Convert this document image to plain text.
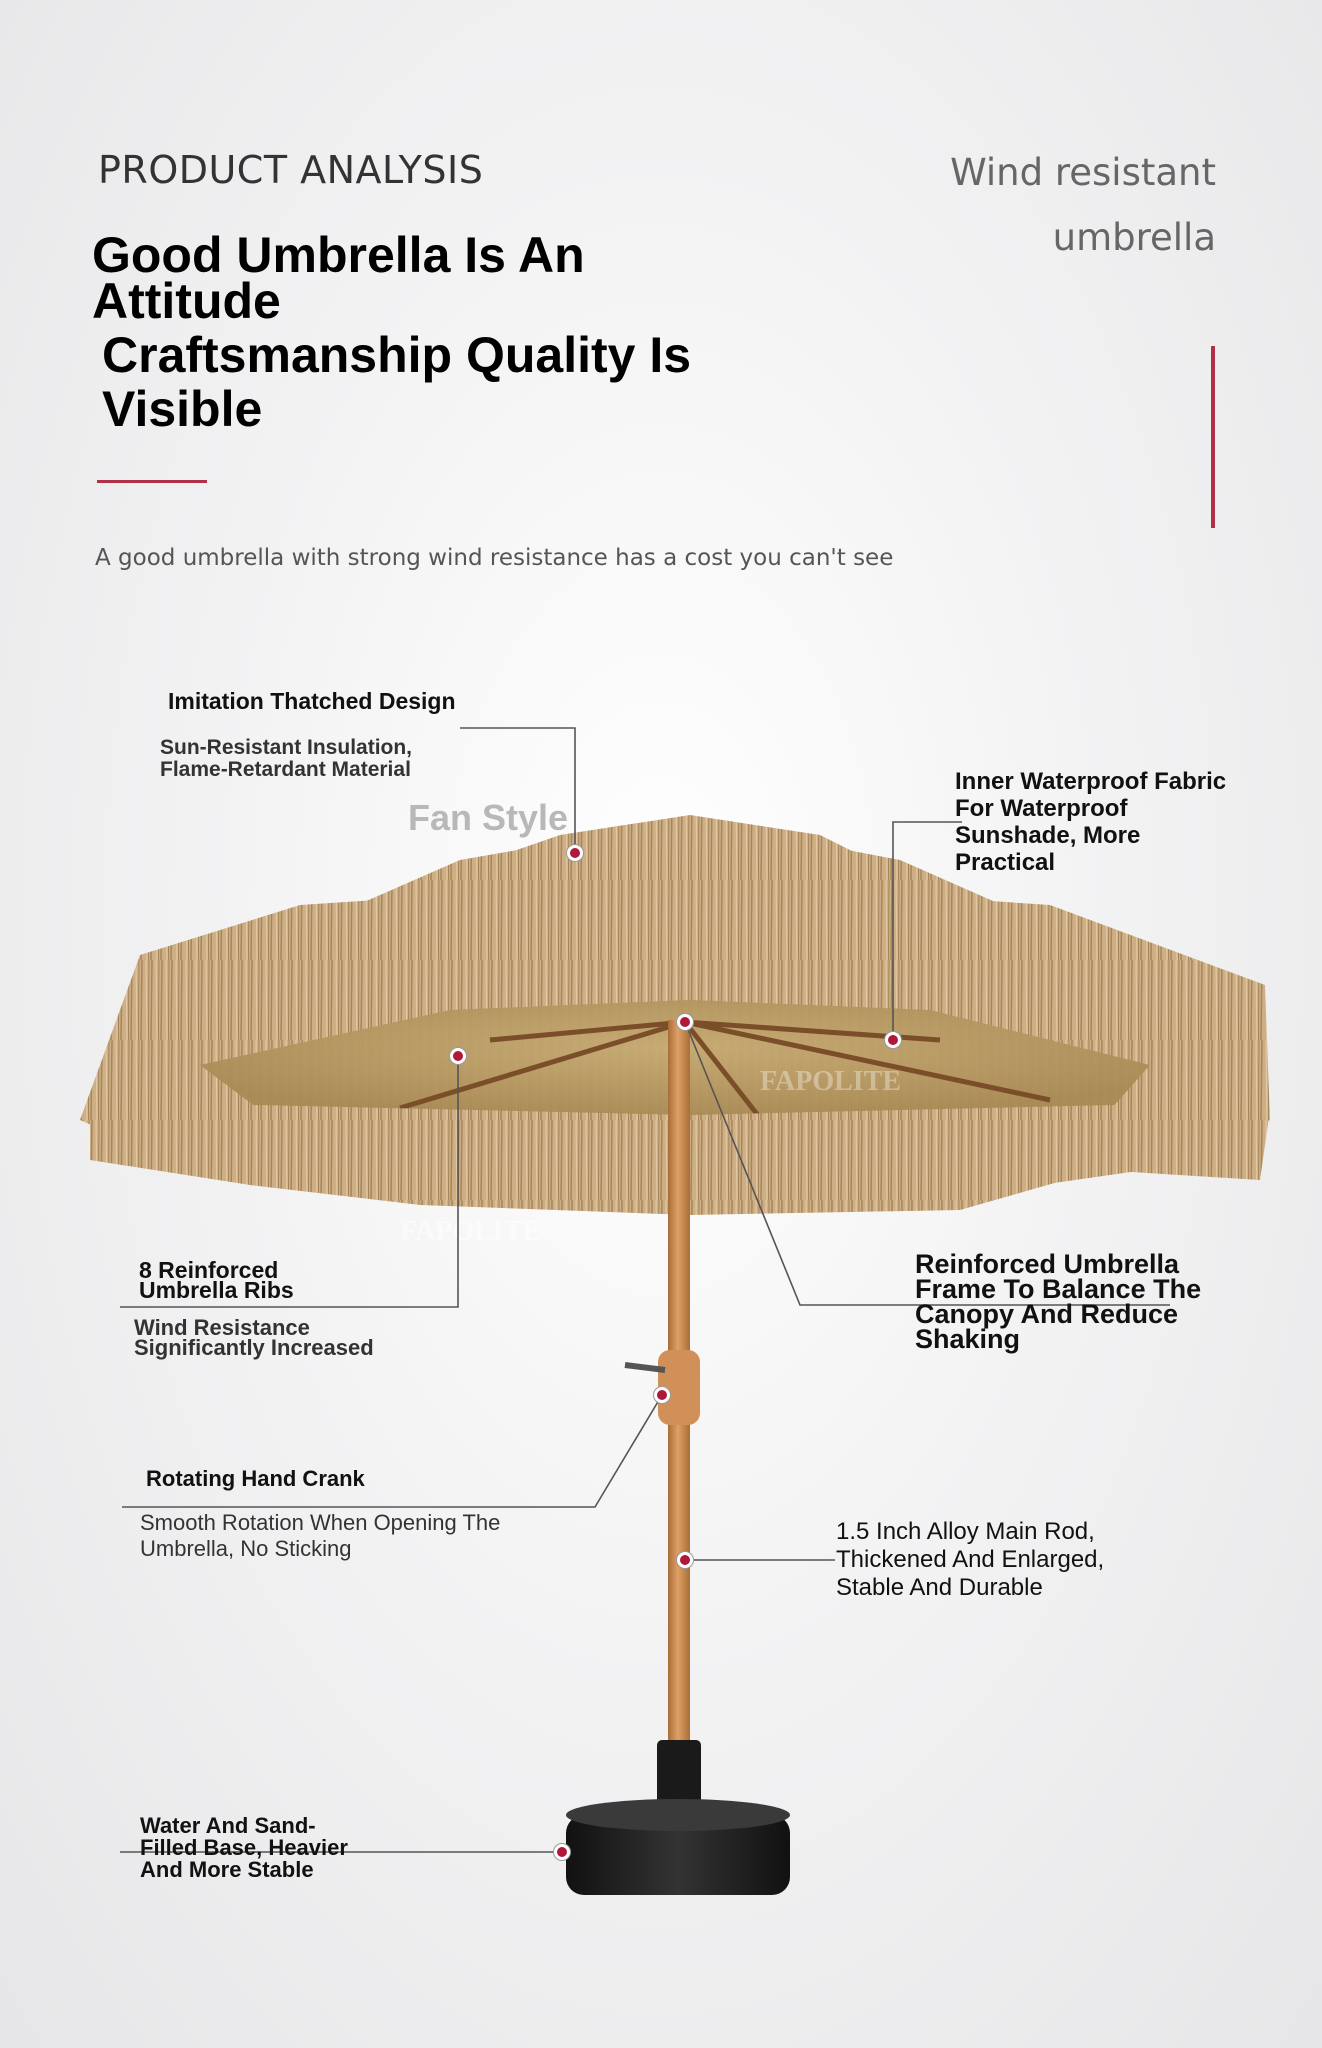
PRODUCT ANALYSIS
Good Umbrella Is An Attitude
Craftsmanship Quality Is Visible
Wind resistant
umbrella
A good umbrella with strong wind resistance has a cost you can't see
FAPOLITE
FAPOLITE
Fan Style
Imitation Thatched Design
Sun-Resistant Insulation, Flame-Retardant Material	Inner Waterproof Fabric For Waterproof Sunshade, More Practical
8 Reinforced Umbrella Ribs
Wind Resistance Significantly Increased
Reinforced Umbrella Frame To Balance The Canopy And Reduce Shaking
Rotating Hand Crank
Smooth Rotation When Opening The Umbrella, No Sticking
1.5 Inch Alloy Main Rod, Thickened And Enlarged, Stable And Durable
Water And Sand-Filled Base, Heavier And More Stable
